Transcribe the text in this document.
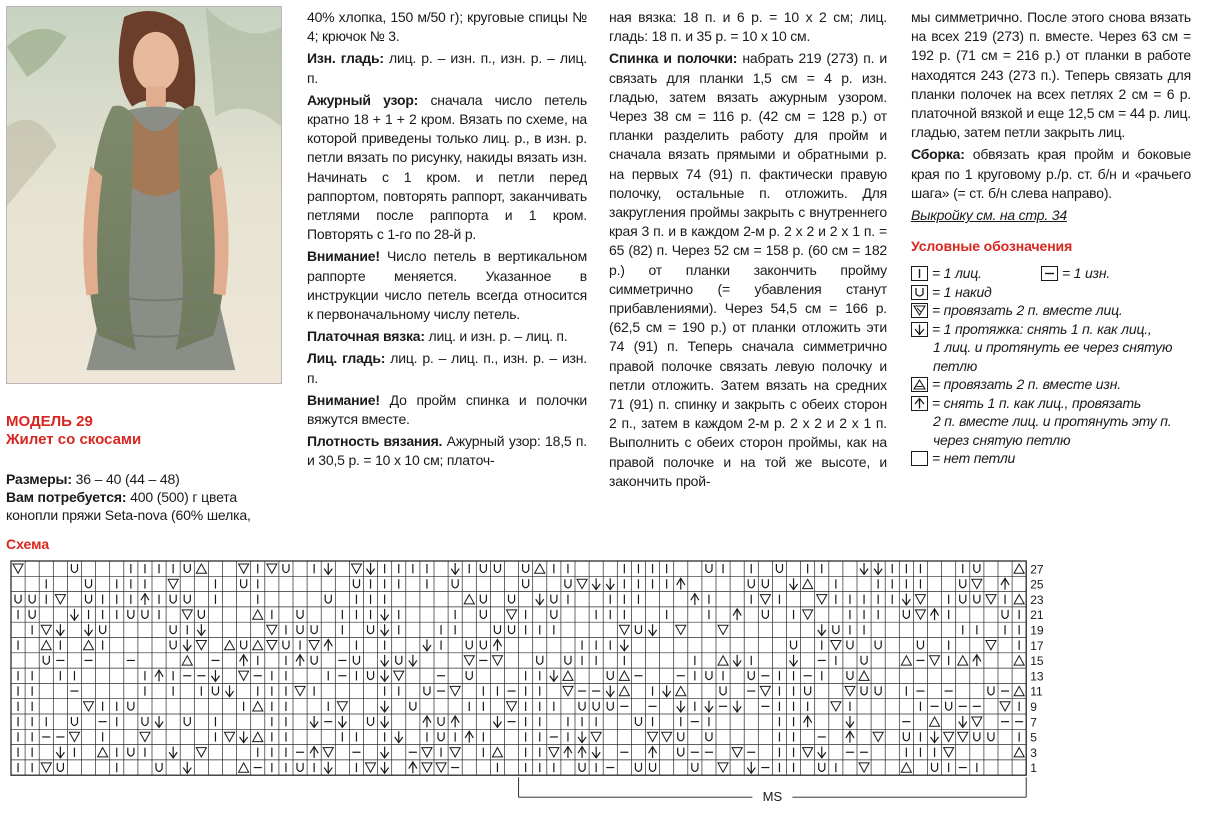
МОДЕЛЬ 29
Жилет со скосами
Размеры: 36 – 40 (44 – 48)
Вам потребуется: 400 (500) г цвета конопли пряжи Seta-nova (60% шелка,
Схема

40% хлопка, 150 м/50 г); круговые спицы № 4; крючок № 3.

Изн. гладь: лиц. р. – изн. п., изн. р. – лиц. п.

Ажурный узор: сначала число петель кратно 18 + 1 + 2 кром. Вязать по схеме, на которой приведены только лиц. р., в изн. р. петли вязать по рисунку, накиды вязать изн. Начинать с 1 кром. и петли перед раппортом, повторять раппорт, заканчивать петлями после раппорта и 1 кром. Повторять с 1-го по 28-й р.

Внимание! Число петель в вертикальном раппорте меняется. Указанное в инструкции число петель всегда относится к первоначальному числу петель.

Платочная вязка: лиц. и изн. р. – лиц. п.

Лиц. гладь: лиц. р. – лиц. п., изн. р. – изн. п.

Внимание! До пройм спинка и полочки вяжутся вместе.

Плотность вязания. Ажурный узор: 18,5 п. и 30,5 р. = 10 х 10 см; платоч-

ная вязка: 18 п. и 6 р. = 10 х 2 см; лиц. гладь: 18 п. и 35 р. = 10 х 10 см.

Спинка и полочки: набрать 219 (273) п. и связать для планки 1,5 см = 4 р. изн. гладью, затем вязать ажурным узором. Через 38 см = 116 р. (42 см = 128 р.) от планки разделить работу для пройм и сначала вязать прямыми и обратными р. на первых 74 (91) п. фактически правую полочку, остальные п. отложить. Для закругления проймы закрыть с внутреннего края 3 п. и в каждом 2-м р. 2 х 2 и 2 х 1 п. = 65 (82) п. Через 52 см = 158 р. (60 см = 182 р.) от планки закончить пройму симметрично (= убавления станут прибавлениями). Через 54,5 см = 166 р. (62,5 см = 190 р.) от планки отложить эти 74 (91) п. Теперь сначала симметрично правой полочке связать левую полочку и петли отложить. Затем вязать на средних 71 (91) п. спинку и закрыть с обеих сторон 2 п., затем в каждом 2-м р. 2 х 2 и 2 х 1 п. Выполнить с обеих сторон проймы, как на правой полочке и на той же высоте, и закончить прой-

мы симметрично. После этого снова вязать на всех 219 (273) п. вместе. Через 63 см = 192 р. (71 см = 216 р.) от планки в работе находятся 243 (273 п.). Теперь связать для планки полочек на всех петлях 2 см = 6 р. платочной вязкой и еще 12,5 см = 44 р. лиц. гладью, затем петли закрыть лиц.

Сборка: обвязать края пройм и боковые края по 1 круговому р./р. ст. б/н и «рачьего шага» (= ст. б/н слева направо).

Выкройку см. на стр. 34

Условные обозначения
= 1 лиц.	= 1 изн.
= 1 накид
= провязать 2 п. вместе лиц.
= 1 протяжка: снять 1 п. как лиц.,
1 лиц. и протянуть ее через снятую
петлю
= провязать 2 п. вместе изн.
= снять 1 п. как лиц., провязать
2 п. вместе лиц. и протянуть эту п.
через снятую петлю
= нет петли
27
25
23
21
19
17
15
13
11
9
7
5
3
1
MS
